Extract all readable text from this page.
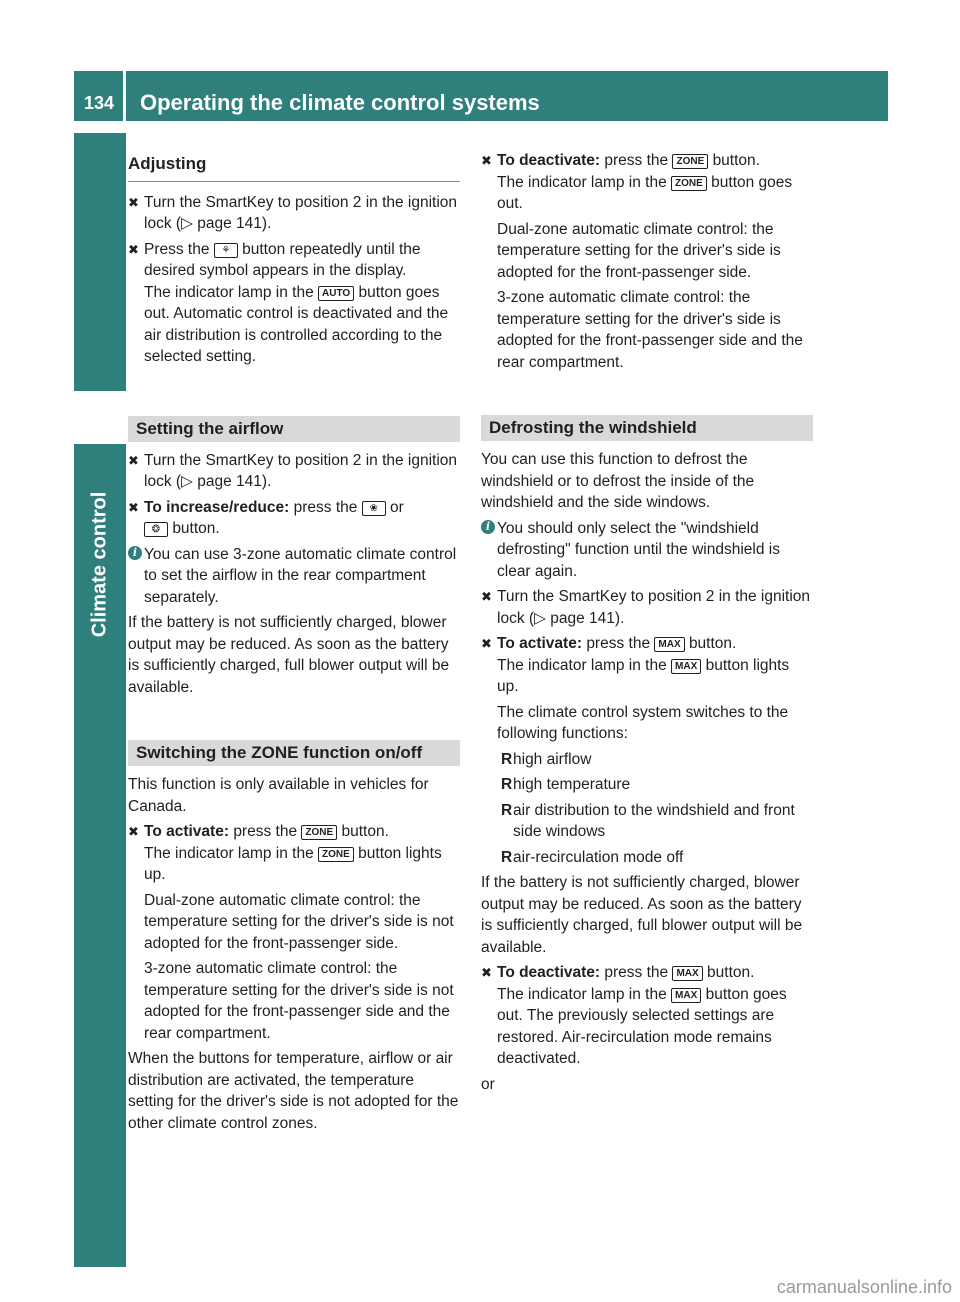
134 Operating the climate control systems
Climate control
Adjusting
✖ Turn the SmartKey to position 2 in the ignition lock (▷ page 141).
✖ Press the ⚘ button repeatedly until the desired symbol appears in the display.
The indicator lamp in the AUTO button goes out. Automatic control is deactivated and the air distribution is controlled according to the selected setting.
Setting the airflow
✖ Turn the SmartKey to position 2 in the ignition lock (▷ page 141).
✖ To increase/reduce: press the ❀ or
❂ button.
i You can use 3-zone automatic climate control to set the airflow in the rear compartment separately.
If the battery is not sufficiently charged, blower output may be reduced. As soon as the battery is sufficiently charged, full blower output will be available.
Switching the ZONE function on/off
This function is only available in vehicles for Canada.
✖ To activate: press the ZONE button.
The indicator lamp in the ZONE button lights up.
Dual-zone automatic climate control: the temperature setting for the driver's side is not adopted for the front-passenger side.
3-zone automatic climate control: the temperature setting for the driver's side is not adopted for the front-passenger side and the rear compartment.
When the buttons for temperature, airflow or air distribution are activated, the temperature setting for the driver's side is not adopted for the other climate control zones.
✖ To deactivate: press the ZONE button.
The indicator lamp in the ZONE button goes out.
Dual-zone automatic climate control: the temperature setting for the driver's side is adopted for the front-passenger side.
3-zone automatic climate control: the temperature setting for the driver's side is adopted for the front-passenger side and the rear compartment.
Defrosting the windshield
You can use this function to defrost the windshield or to defrost the inside of the windshield and the side windows.
i You should only select the "windshield defrosting" function until the windshield is clear again.
✖ Turn the SmartKey to position 2 in the ignition lock (▷ page 141).
✖ To activate: press the MAX button.
The indicator lamp in the MAX button lights up.
The climate control system switches to the following functions:
R high airflow
R high temperature
R air distribution to the windshield and front side windows
R air-recirculation mode off
If the battery is not sufficiently charged, blower output may be reduced. As soon as the battery is sufficiently charged, full blower output will be available.
✖ To deactivate: press the MAX button.
The indicator lamp in the MAX button goes out. The previously selected settings are restored. Air-recirculation mode remains deactivated.
or
carmanualsonline.info
